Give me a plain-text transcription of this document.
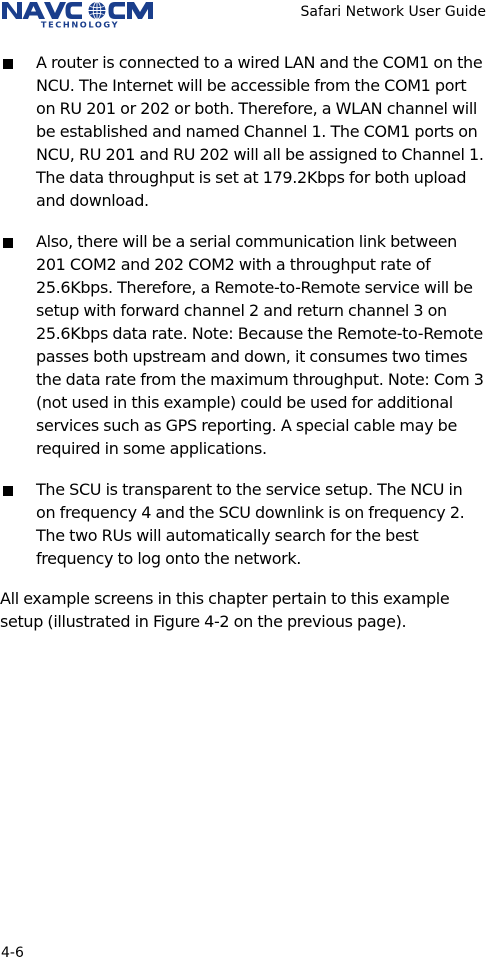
TECHNOLOGY
Safari Network User Guide
A router is connected to a wired LAN and the COM1 on the NCU. The Internet will be accessible from the COM1 port on RU 201 or 202 or both. Therefore, a WLAN channel will be established and named Channel 1. The COM1 ports on NCU, RU 201 and RU 202 will all be assigned to Channel 1. The data throughput is set at 179.2Kbps for both upload and download.
Also, there will be a serial communication link between 201 COM2 and 202 COM2 with a throughput rate of 25.6Kbps. Therefore, a Remote-to-Remote service will be setup with forward channel 2 and return channel 3 on 25.6Kbps data rate. Note: Because the Remote-to-Remote passes both upstream and down, it consumes two times the data rate from the maximum throughput. Note: Com 3 (not used in this example) could be used for additional services such as GPS reporting. A special cable may be required in some applications.
The SCU is transparent to the service setup. The NCU in on frequency 4 and the SCU downlink is on frequency 2. The two RUs will automatically search for the best frequency to log onto the network.

All example screens in this chapter pertain to this example setup (illustrated in Figure 4-2 on the previous page).

4-6
